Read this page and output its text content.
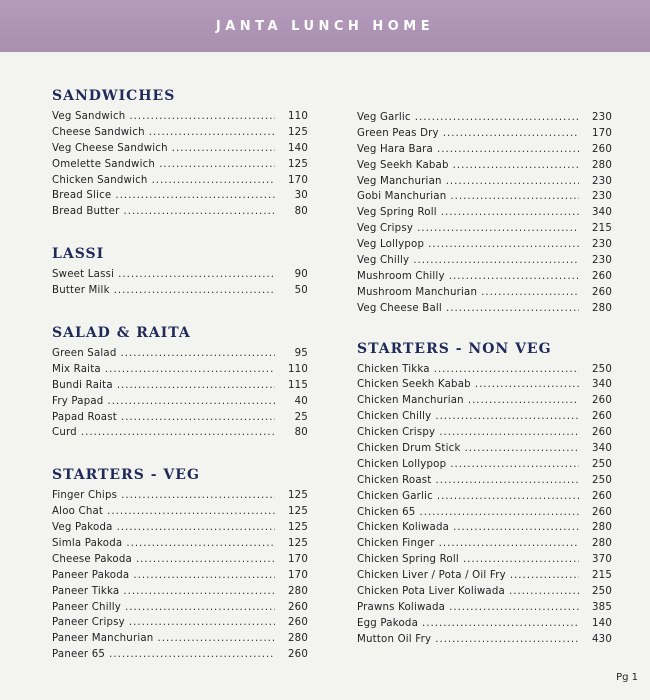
JANTA LUNCH HOME
SANDWICHES
Veg Sandwich .....	110
Cheese Sandwich .....	125
Veg Cheese Sandwich .....	140
Omelette Sandwich .....	125
Chicken Sandwich .....	170
Bread Slice .....	30
Bread Butter .....	80
LASSI
Sweet Lassi .....	90
Butter Milk .....	50
SALAD & RAITA
Green Salad .....	95
Mix Raita .....	110
Bundi Raita .....	115
Fry Papad .....	40
Papad Roast .....	25
Curd .....	80
STARTERS - VEG
Finger Chips .....	125
Aloo Chat .....	125
Veg Pakoda .....	125
Simla Pakoda .....	125
Cheese Pakoda .....	170
Paneer Pakoda .....	170
Paneer Tikka .....	280
Paneer Chilly .....	260
Paneer Cripsy .....	260
Paneer Manchurian .....	280
Paneer 65 .....	260
Veg Garlic .....	230
Green Peas Dry .....	170
Veg Hara Bara .....	260
Veg Seekh Kabab .....	280
Veg Manchurian .....	230
Gobi Manchurian .....	230
Veg Spring Roll .....	340
Veg Cripsy .....	215
Veg Lollypop .....	230
Veg Chilly .....	230
Mushroom Chilly .....	260
Mushroom Manchurian .....	260
Veg Cheese Ball .....	280
STARTERS - NON VEG
Chicken Tikka .....	250
Chicken Seekh Kabab .....	340
Chicken Manchurian .....	260
Chicken Chilly .....	260
Chicken Crispy .....	260
Chicken Drum Stick .....	340
Chicken Lollypop .....	250
Chicken Roast .....	250
Chicken Garlic .....	260
Chicken 65 .....	260
Chicken Koliwada .....	280
Chicken Finger .....	280
Chicken Spring Roll .....	370
Chicken Liver / Pota / Oil Fry .....	215
Chicken Pota Liver Koliwada .....	250
Prawns Koliwada .....	385
Egg Pakoda .....	140
Mutton Oil Fry .....	430
Pg 1
